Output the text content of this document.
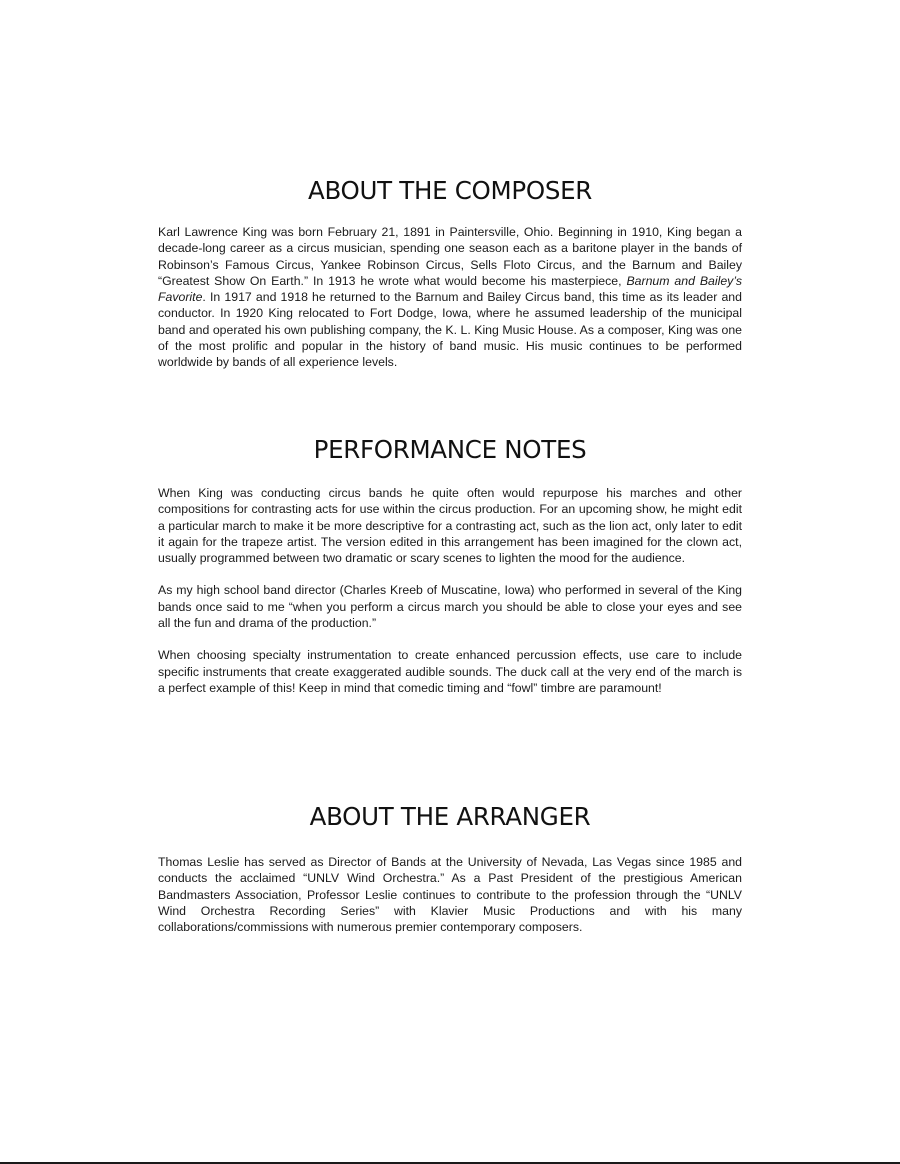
ABOUT THE COMPOSER

Karl Lawrence King was born February 21, 1891 in Paintersville, Ohio. Beginning in 1910, King began a decade-long career as a circus musician, spending one season each as a baritone player in the bands of Robinson’s Famous Circus, Yankee Robinson Circus, Sells Floto Circus, and the Barnum and Bailey “Greatest Show On Earth.” In 1913 he wrote what would become his masterpiece, Barnum and Bailey’s Favorite. In 1917 and 1918 he returned to the Barnum and Bailey Circus band, this time as its leader and conductor. In 1920 King relocated to Fort Dodge, Iowa, where he assumed leadership of the municipal band and operated his own publishing company, the K. L. King Music House. As a composer, King was one of the most prolific and popular in the history of band music. His music continues to be performed worldwide by bands of all experience levels.

PERFORMANCE NOTES

When King was conducting circus bands he quite often would repurpose his marches and other compositions for contrasting acts for use within the circus production. For an upcoming show, he might edit a particular march to make it be more descriptive for a contrasting act, such as the lion act, only later to edit it again for the trapeze artist. The version edited in this arrangement has been imagined for the clown act, usually programmed between two dramatic or scary scenes to lighten the mood for the audience.

As my high school band director (Charles Kreeb of Muscatine, Iowa) who performed in several of the King bands once said to me “when you perform a circus march you should be able to close your eyes and see all the fun and drama of the production.”

When choosing specialty instrumentation to create enhanced percussion effects, use care to include specific instruments that create exaggerated audible sounds. The duck call at the very end of the march is a perfect example of this! Keep in mind that comedic timing and “fowl” timbre are paramount!

ABOUT THE ARRANGER

Thomas Leslie has served as Director of Bands at the University of Nevada, Las Vegas since 1985 and conducts the acclaimed “UNLV Wind Orchestra.” As a Past President of the prestigious American Bandmasters Association, Professor Leslie continues to contribute to the profession through the “UNLV Wind Orchestra Recording Series” with Klavier Music Productions and with his many collaborations/commissions with numerous premier contemporary composers.
